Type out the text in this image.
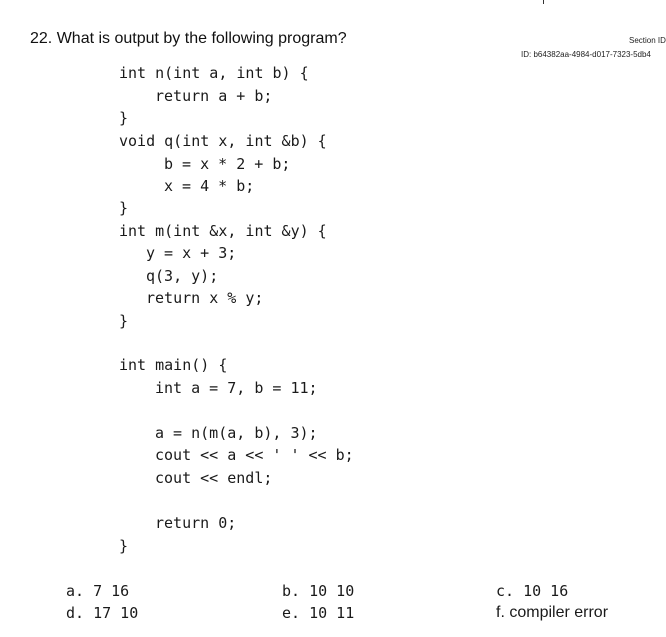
22. What is output by the following program?	Section ID
ID: b64382aa-4984-d017-7323-5db4
int n(int a, int b) {
return a + b;
}
void q(int x, int &b) {
b = x * 2 + b;
x = 4 * b;
}
int m(int &x, int &y) {
y = x + 3;
q(3, y);
return x % y;
}
int main() {
int a = 7, b = 11;
a = n(m(a, b), 3);
cout << a << ' ' << b;
cout << endl;
return 0;
}
a. 7 16	b. 10 10	c. 10 16
d. 17 10	e. 10 11	f. compiler error
